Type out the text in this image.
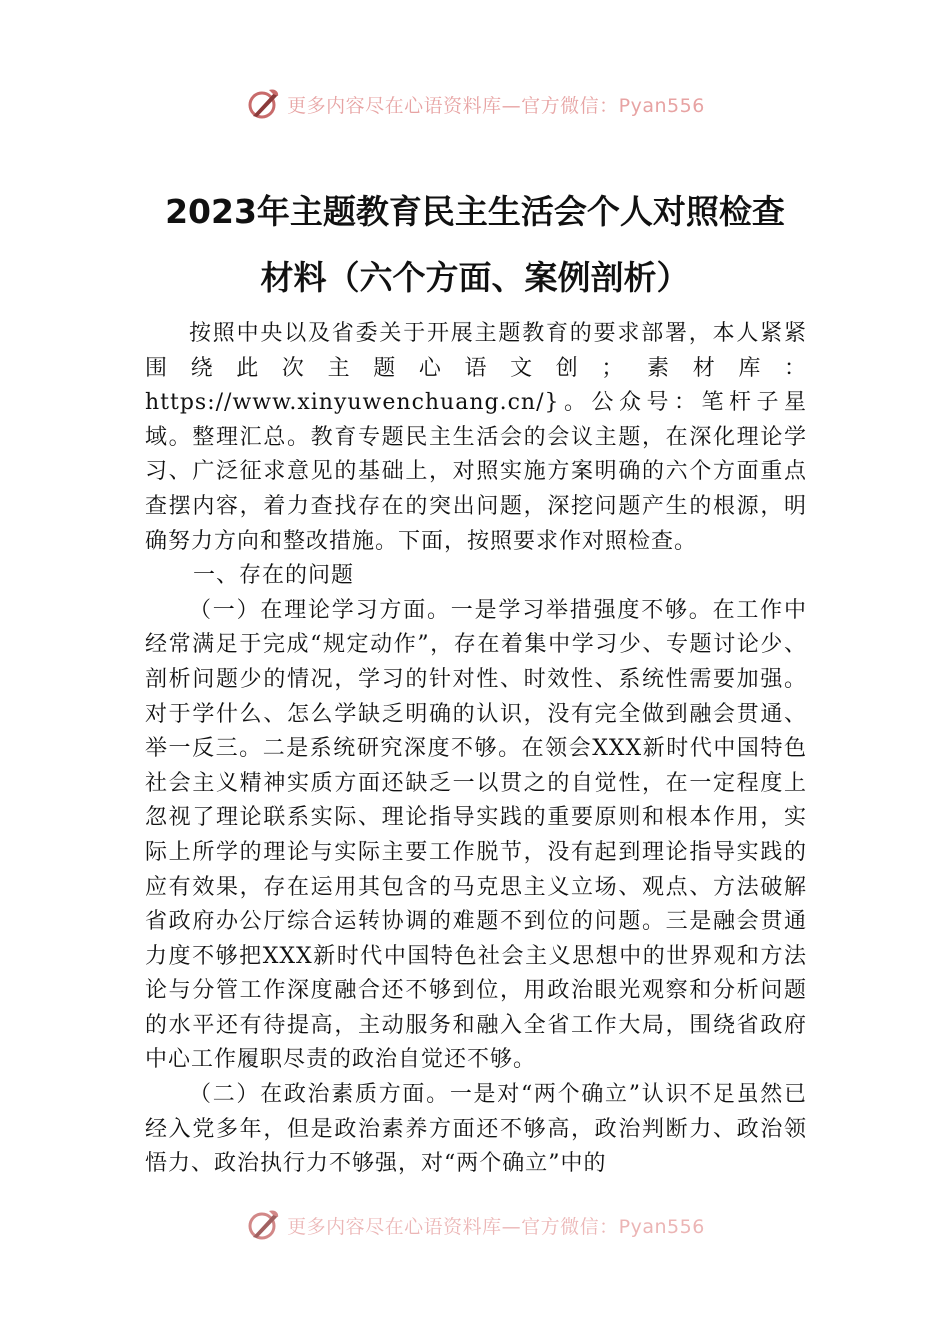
更多内容尽在心语资料库—官方微信：Pyan556
2023年主题教育民主生活会个人对照检查
材料（六个方面、案例剖析）

按照中央以及省委关于开展主题教育的要求部署，本人紧紧围绕此次主题心语文创；素材库：https://www.xinyuwenchuang.cn/}。公众号：笔杆子星域。整理汇总。教育专题民主生活会的会议主题，在深化理论学习、广泛征求意见的基础上，对照实施方案明确的六个方面重点查摆内容，着力查找存在的突出问题，深挖问题产生的根源，明确努力方向和整改措施。下面，按照要求作对照检查。

一、存在的问题

（一）在理论学习方面。一是学习举措强度不够。在工作中经常满足于完成“规定动作”，存在着集中学习少、专题讨论少、剖析问题少的情况，学习的针对性、时效性、系统性需要加强。对于学什么、怎么学缺乏明确的认识，没有完全做到融会贯通、举一反三。二是系统研究深度不够。在领会XXX新时代中国特色社会主义精神实质方面还缺乏一以贯之的自觉性，在一定程度上忽视了理论联系实际、理论指导实践的重要原则和根本作用，实际上所学的理论与实际主要工作脱节，没有起到理论指导实践的应有效果，存在运用其包含的马克思主义立场、观点、方法破解省政府办公厅综合运转协调的难题不到位的问题。三是融会贯通力度不够把XXX新时代中国特色社会主义思想中的世界观和方法论与分管工作深度融合还不够到位，用政治眼光观察和分析问题的水平还有待提高，主动服务和融入全省工作大局，围绕省政府中心工作履职尽责的政治自觉还不够。

（二）在政治素质方面。一是对“两个确立”认识不足虽然已经入党多年，但是政治素养方面还不够高，政治判断力、政治领悟力、政治执行力不够强，对“两个确立”中的

更多内容尽在心语资料库—官方微信：Pyan556
